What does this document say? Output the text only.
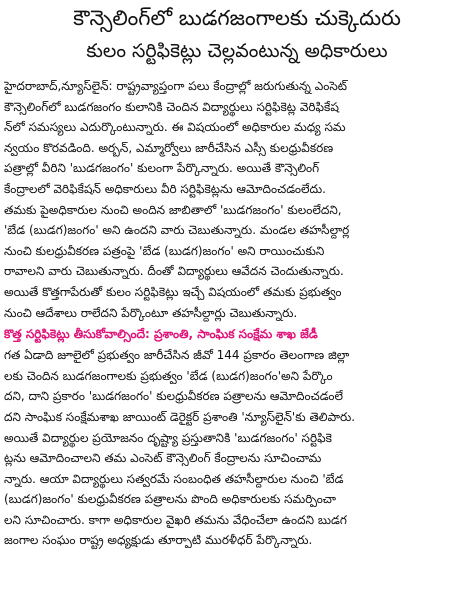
కౌన్సెలింగ్‌లో బుడగజంగాలకు చుక్కెదురు
కులం సర్టిఫికెట్లు చెల్లవంటున్న అధికారులు
హైదరాబాద్,న్యూస్‌లైన్: రాష్ట్రవ్యాప్తంగా పలు కేంద్రాల్లో జరుగుతున్న ఎంసెట్
కౌన్సెలింగ్‌లో బుడగజంగం కులానికి చెందిన విద్యార్థులు సర్టిఫికెట్ల వెరిఫికేష
న్‌లో సమస్యలు ఎదుర్కొంటున్నారు. ఈ విషయంలో అధికారుల మధ్య సమ
న్వయం కొరవడింది. అర్బన్, ఎమ్మార్వోలు జారీచేసిన ఎస్సీ కులధ్రువీకరణ
పత్రాల్లో వీరిని 'బుడగజంగం' కులంగా పేర్కొన్నారు. అయితే కౌన్సెలింగ్
కేంద్రాలలో వెరిఫికేషన్ అధికారులు వీరి సర్టిఫికెట్లను ఆమోదించడంలేదు.
తమకు పైఅధికారుల నుంచి అందిన జాబితాలో 'బుడగజంగం' కులంలేదని,
'బేడ (బుడగ)జంగం' అని ఉందని వారు చెబుతున్నారు. మండల తహసీల్దార్ల
నుంచి కులధ్రువీకరణ పత్రంపై 'బేడ (బుడగ)జంగం' అని రాయించుకుని
రావాలని వారు చెబుతున్నారు. దీంతో విద్యార్థులు ఆవేదన చెందుతున్నారు.
అయితే కొత్తగాపేరుతో కులం సర్టిఫికెట్లు ఇచ్చే విషయంలో తమకు ప్రభుత్వం
నుంచి ఆదేశాలు రాలేదని పేర్కొంటూ తహసీల్దార్లు చెబుతున్నారు.
కొత్త సర్టిఫికెట్లు తీసుకోవాల్సిందే: ప్రశాంతి, సాంఘిక సంక్షేమ శాఖ జేడీ
గత ఏడాది జూలైలో ప్రభుత్వం జారీచేసిన జీవో 144 ప్రకారం తెలంగాణ జిల్లా
లకు చెందిన బుడగజంగాలకు ప్రభుత్వం 'బేడ (బుడగ)జంగం'అని పేర్కొం
దని, దాని ప్రకారం 'బుడగజంగం' కులధ్రువీకరణ పత్రాలను ఆమోదించడంలే
దని సాంఘిక సంక్షేమశాఖ జాయింట్ డెరైక్టర్ ప్రశాంతి 'న్యూస్‌లైన్'కు తెలిపారు.
అయితే విద్యార్థుల ప్రయోజనం దృష్ట్యా ప్రస్తుతానికి 'బుడగజంగం' సర్టిఫికె
ట్లను ఆమోదించాలని తమ ఎంసెట్ కౌన్సెలింగ్ కేంద్రాలను సూచించామ
న్నారు. ఆయా విద్యార్థులు సత్వరమే సంబంధిత తహసీల్దారుల నుంచి 'బేడ
(బుడగ)జంగం' కులధ్రువీకరణ పత్రాలను పొంది అధికారులకు సమర్పించా
లని సూచించారు. కాగా అధికారుల వైఖరి తమను వేధించేలా ఉందని బుడగ
జంగాల సంఘం రాష్ట్ర అధ్యక్షుడు తూర్పాటి మురళీధర్ పేర్కొన్నారు.
